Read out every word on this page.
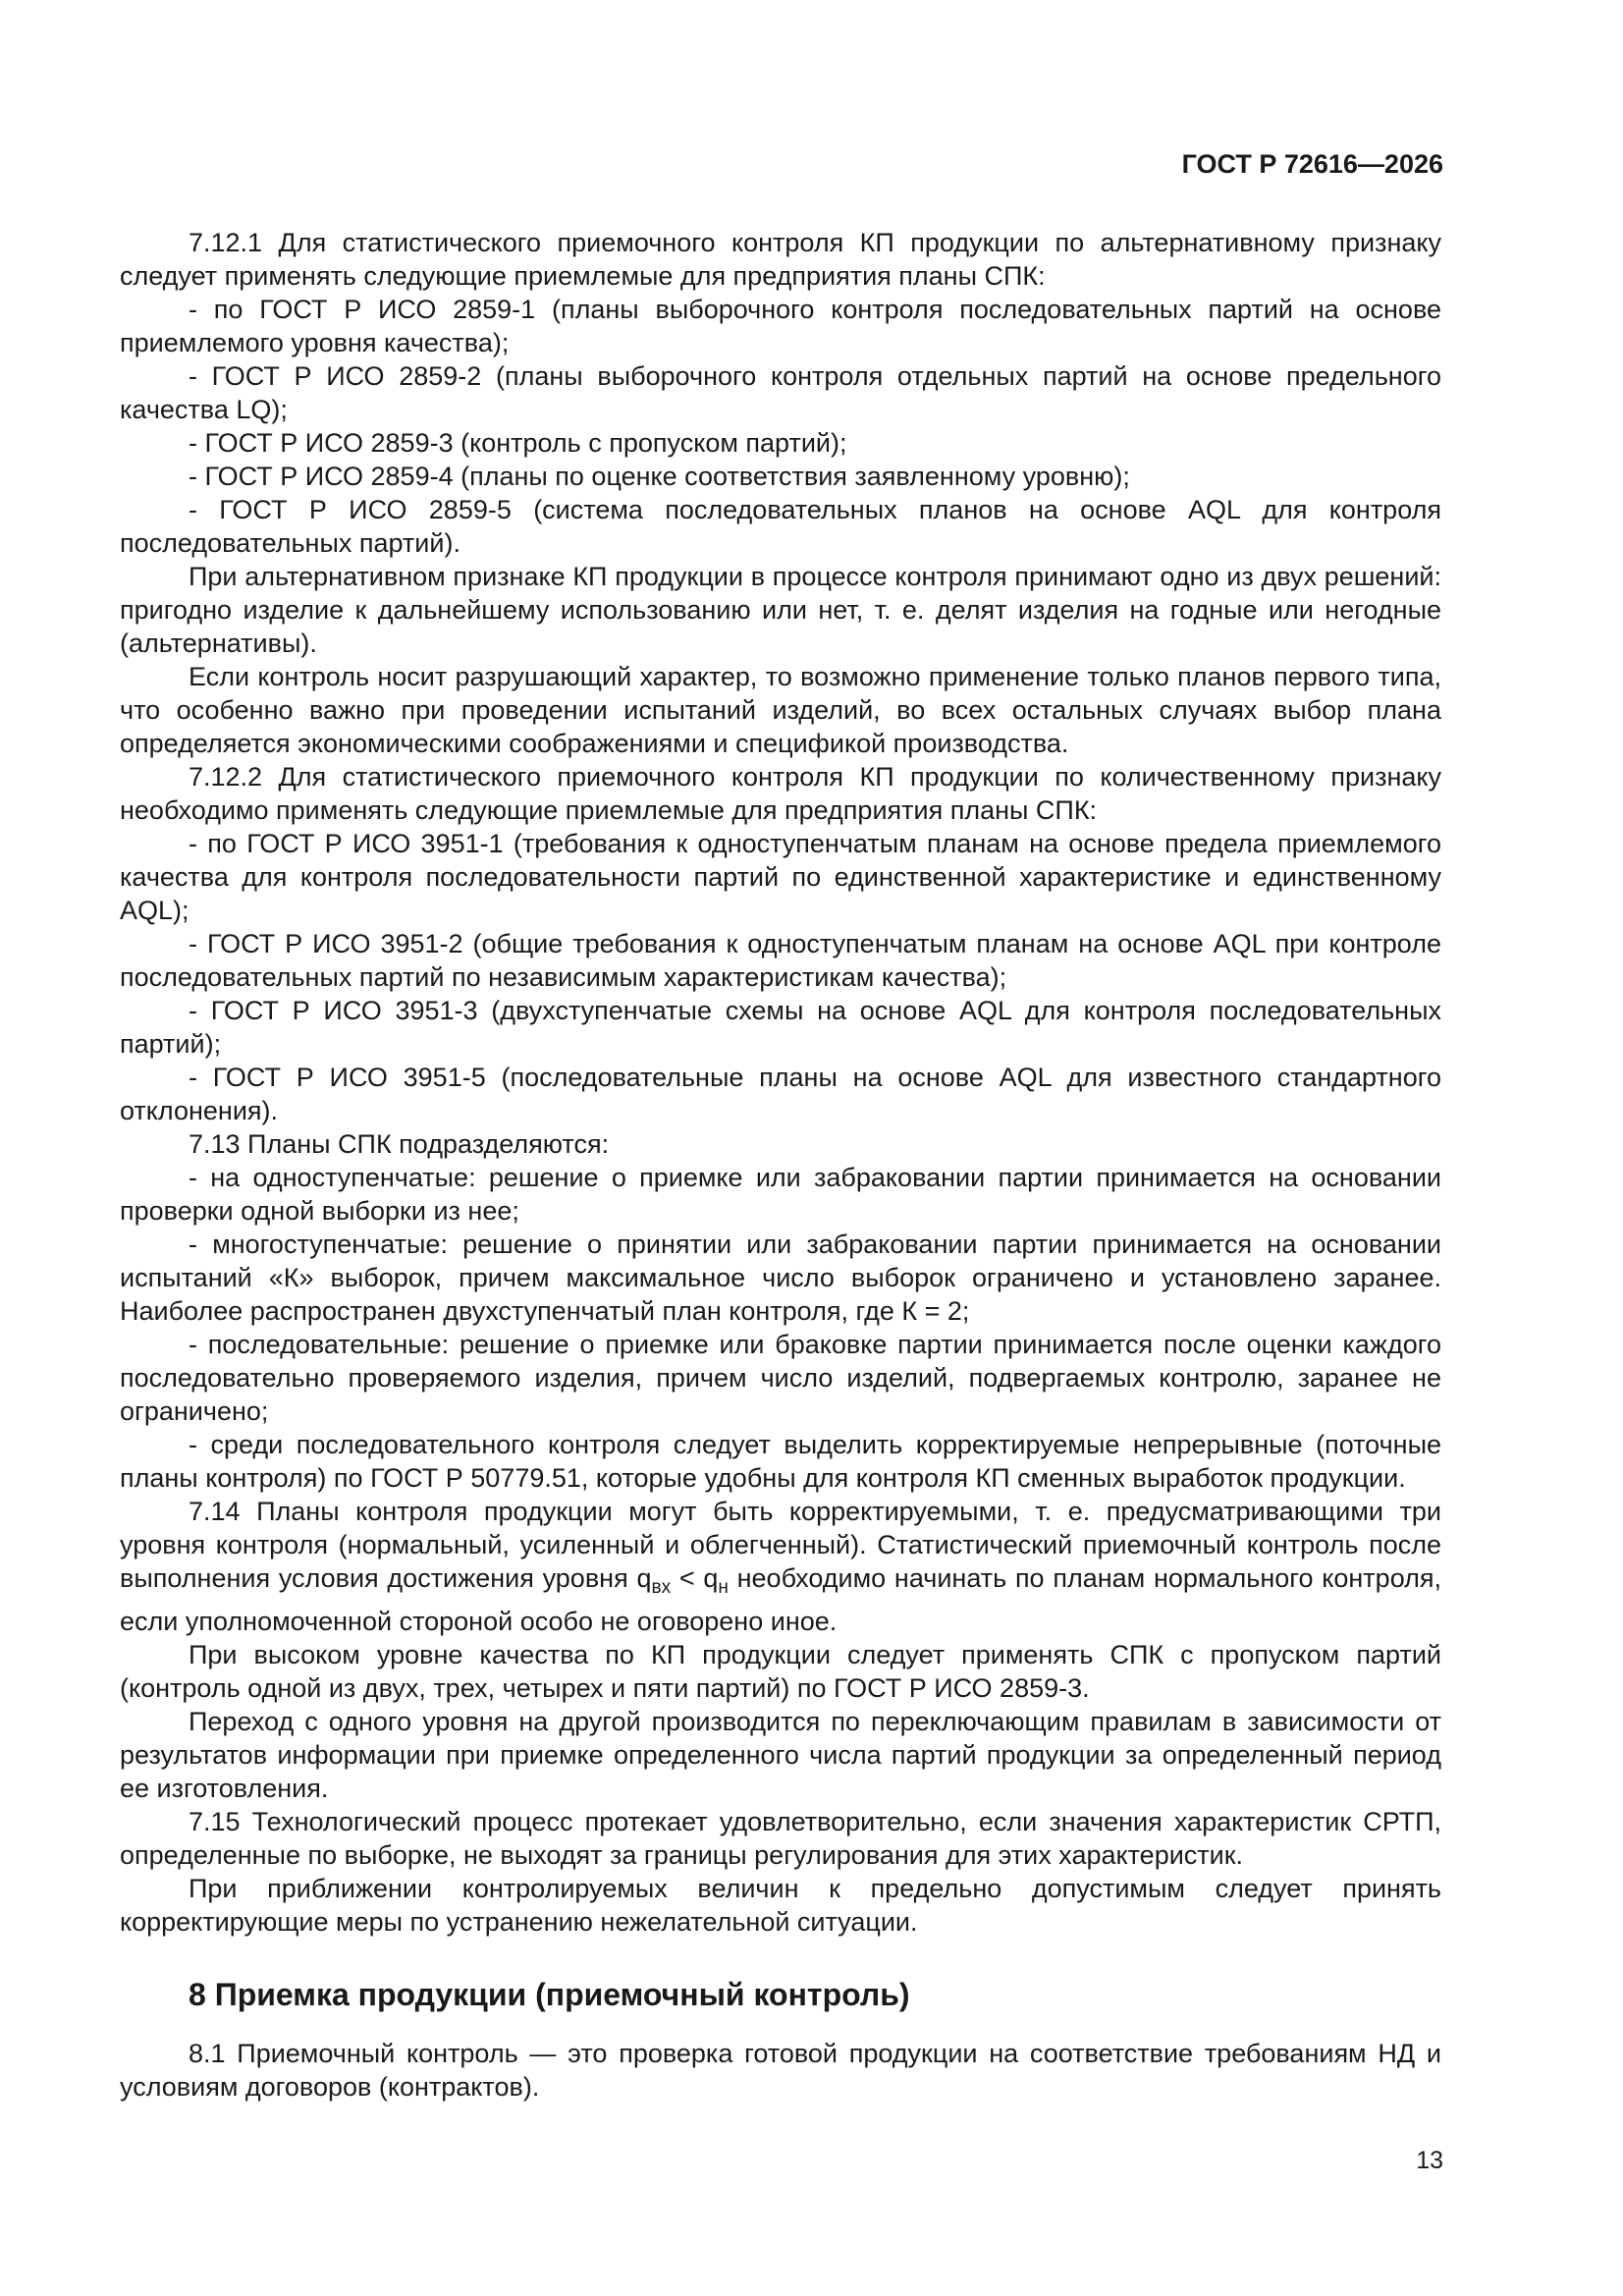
ГОСТ Р 72616—2026

7.12.1 Для статистического приемочного контроля КП продукции по альтернативному признаку следует применять следующие приемлемые для предприятия планы СПК:

- по ГОСТ Р ИСО 2859-1 (планы выборочного контроля последовательных партий на основе приемлемого уровня качества);

- ГОСТ Р ИСО 2859-2 (планы выборочного контроля отдельных партий на основе предельного качества LQ);

- ГОСТ Р ИСО 2859-3 (контроль с пропуском партий);

- ГОСТ Р ИСО 2859-4 (планы по оценке соответствия заявленному уровню);

- ГОСТ Р ИСО 2859-5 (система последовательных планов на основе AQL для контроля последовательных партий).

При альтернативном признаке КП продукции в процессе контроля принимают одно из двух решений: пригодно изделие к дальнейшему использованию или нет, т. е. делят изделия на годные или негодные (альтернативы).

Если контроль носит разрушающий характер, то возможно применение только планов первого типа, что особенно важно при проведении испытаний изделий, во всех остальных случаях выбор плана определяется экономическими соображениями и спецификой производства.

7.12.2 Для статистического приемочного контроля КП продукции по количественному признаку необходимо применять следующие приемлемые для предприятия планы СПК:

- по ГОСТ Р ИСО 3951-1 (требования к одноступенчатым планам на основе предела приемлемого качества для контроля последовательности партий по единственной характеристике и единственному AQL);

- ГОСТ Р ИСО 3951-2 (общие требования к одноступенчатым планам на основе AQL при контроле последовательных партий по независимым характеристикам качества);

- ГОСТ Р ИСО 3951-3 (двухступенчатые схемы на основе AQL для контроля последовательных партий);

- ГОСТ Р ИСО 3951-5 (последовательные планы на основе AQL для известного стандартного отклонения).

7.13 Планы СПК подразделяются:

- на одноступенчатые: решение о приемке или забраковании партии принимается на основании проверки одной выборки из нее;

- многоступенчатые: решение о принятии или забраковании партии принимается на основании испытаний «К» выборок, причем максимальное число выборок ограничено и установлено заранее. Наиболее распространен двухступенчатый план контроля, где К = 2;

- последовательные: решение о приемке или браковке партии принимается после оценки каждого последовательно проверяемого изделия, причем число изделий, подвергаемых контролю, заранее не ограничено;

- среди последовательного контроля следует выделить корректируемые непрерывные (поточные планы контроля) по ГОСТ Р 50779.51, которые удобны для контроля КП сменных выработок продукции.

7.14 Планы контроля продукции могут быть корректируемыми, т. е. предусматривающими три уровня контроля (нормальный, усиленный и облегченный). Статистический приемочный контроль после выполнения условия достижения уровня $q_{вх} < q_н$ необходимо начинать по планам нормального контроля, если уполномоченной стороной особо не оговорено иное.

При высоком уровне качества по КП продукции следует применять СПК с пропуском партий (контроль одной из двух, трех, четырех и пяти партий) по ГОСТ Р ИСО 2859-3.

Переход с одного уровня на другой производится по переключающим правилам в зависимости от результатов информации при приемке определенного числа партий продукции за определенный период ее изготовления.

7.15 Технологический процесс протекает удовлетворительно, если значения характеристик СРТП, определенные по выборке, не выходят за границы регулирования для этих характеристик.

При приближении контролируемых величин к предельно допустимым следует принять корректирующие меры по устранению нежелательной ситуации.

8 Приемка продукции (приемочный контроль)

8.1 Приемочный контроль — это проверка готовой продукции на соответствие требованиям НД и условиям договоров (контрактов).

13
